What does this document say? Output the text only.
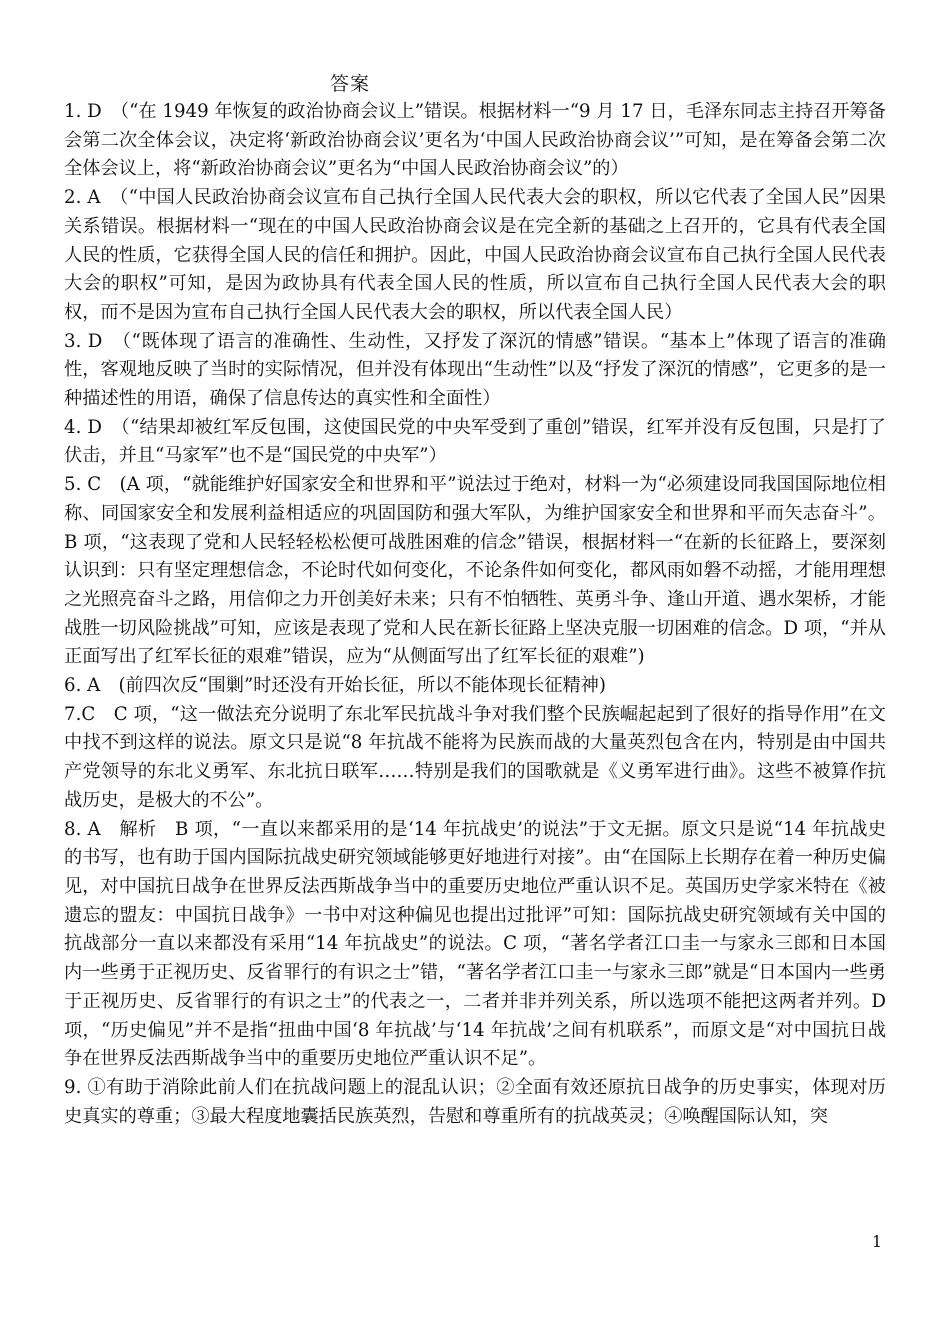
答案

1. D　（“在 1949 年恢复的政治协商会议上”错误。根据材料一“9 月 17 日，毛泽东同志主持召开筹备会第二次全体会议，决定将‘新政治协商会议’更名为‘中国人民政治协商会议’”可知，是在筹备会第二次全体会议上，将“新政治协商会议”更名为“中国人民政治协商会议”的）

2. A　（“中国人民政治协商会议宣布自己执行全国人民代表大会的职权，所以它代表了全国人民”因果关系错误。根据材料一“现在的中国人民政治协商会议是在完全新的基础之上召开的，它具有代表全国人民的性质，它获得全国人民的信任和拥护。因此，中国人民政治协商会议宣布自己执行全国人民代表大会的职权”可知，是因为政协具有代表全国人民的性质，所以宣布自己执行全国人民代表大会的职权，而不是因为宣布自己执行全国人民代表大会的职权，所以代表全国人民）

3. D　（“既体现了语言的准确性、生动性，又抒发了深沉的情感”错误。“基本上”体现了语言的准确性，客观地反映了当时的实际情况，但并没有体现出“生动性”以及“抒发了深沉的情感”，它更多的是一种描述性的用语，确保了信息传达的真实性和全面性）

4. D　（“结果却被红军反包围，这使国民党的中央军受到了重创”错误，红军并没有反包围，只是打了伏击，并且“马家军”也不是“国民党的中央军”）

5. C　(A 项，“就能维护好国家安全和世界和平”说法过于绝对，材料一为“必须建设同我国国际地位相称、同国家安全和发展利益相适应的巩固国防和强大军队，为维护国家安全和世界和平而矢志奋斗”。B 项，“这表现了党和人民轻轻松松便可战胜困难的信念”错误，根据材料一“在新的长征路上，要深刻认识到：只有坚定理想信念，不论时代如何变化，不论条件如何变化，都风雨如磐不动摇，才能用理想之光照亮奋斗之路，用信仰之力开创美好未来；只有不怕牺牲、英勇斗争、逢山开道、遇水架桥，才能战胜一切风险挑战”可知，应该是表现了党和人民在新长征路上坚决克服一切困难的信念。D 项，“并从正面写出了红军长征的艰难”错误，应为“从侧面写出了红军长征的艰难”)

6. A　(前四次反“围剿”时还没有开始长征，所以不能体现长征精神)

7.C　C 项，“这一做法充分说明了东北军民抗战斗争对我们整个民族崛起起到了很好的指导作用”在文中找不到这样的说法。原文只是说“8 年抗战不能将为民族而战的大量英烈包含在内，特别是由中国共产党领导的东北义勇军、东北抗日联军……特别是我们的国歌就是《义勇军进行曲》。这些不被算作抗战历史，是极大的不公”。

8. A　解析　B 项，“一直以来都采用的是‘14 年抗战史’的说法”于文无据。原文只是说“14 年抗战史的书写，也有助于国内国际抗战史研究领域能够更好地进行对接”。由“在国际上长期存在着一种历史偏见，对中国抗日战争在世界反法西斯战争当中的重要历史地位严重认识不足。英国历史学家米特在《被遗忘的盟友：中国抗日战争》一书中对这种偏见也提出过批评”可知：国际抗战史研究领域有关中国的抗战部分一直以来都没有采用“14 年抗战史”的说法。C 项，“著名学者江口圭一与家永三郎和日本国内一些勇于正视历史、反省罪行的有识之士”错，“著名学者江口圭一与家永三郎”就是“日本国内一些勇于正视历史、反省罪行的有识之士”的代表之一，二者并非并列关系，所以选项不能把这两者并列。D 项，“历史偏见”并不是指“扭曲中国‘8 年抗战’与‘14 年抗战’之间有机联系”，而原文是“对中国抗日战争在世界反法西斯战争当中的重要历史地位严重认识不足”。

9. ①有助于消除此前人们在抗战问题上的混乱认识；②全面有效还原抗日战争的历史事实，体现对历史真实的尊重；③最大程度地囊括民族英烈，告慰和尊重所有的抗战英灵；④唤醒国际认知，突

1
